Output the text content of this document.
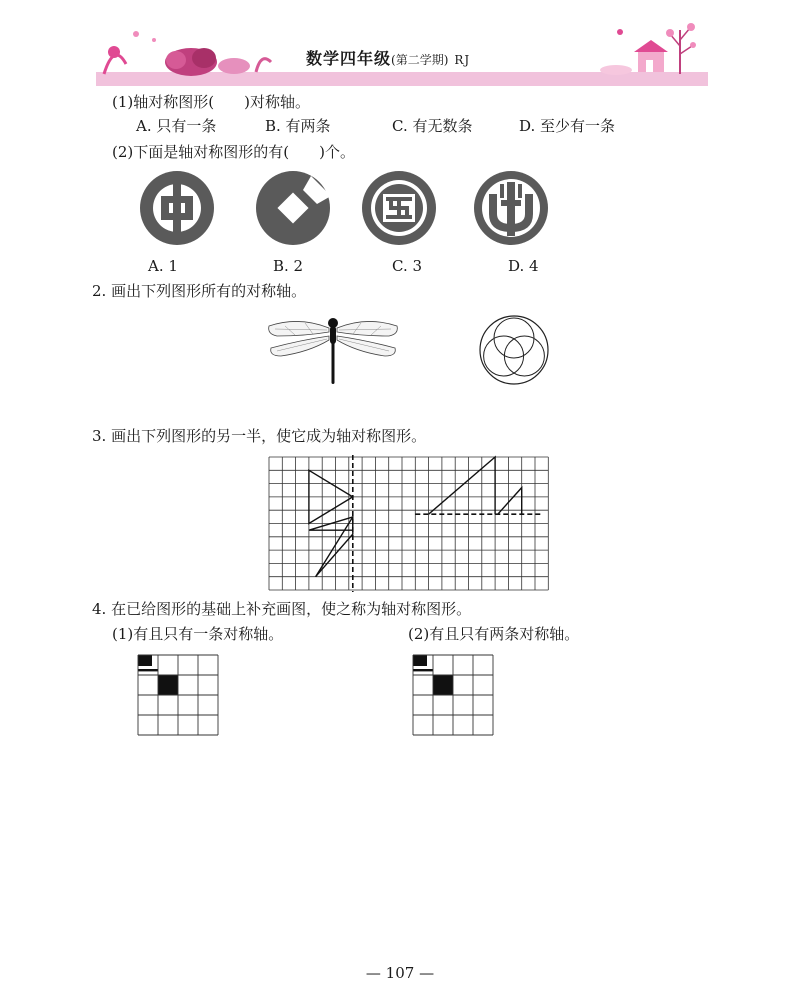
数学四年级(第二学期) RJ
(1)轴对称图形(　　)对称轴。
A. 只有一条	B. 有两条	C. 有无数条	D. 至少有一条
(2)下面是轴对称图形的有(　　)个。
A. 1	B. 2	C. 3	D. 4
2. 画出下列图形所有的对称轴。
3. 画出下列图形的另一半，使它成为轴对称图形。
4. 在已给图形的基础上补充画图，使之称为轴对称图形。
(1)有且只有一条对称轴。	(2)有且只有两条对称轴。
— 107 —
